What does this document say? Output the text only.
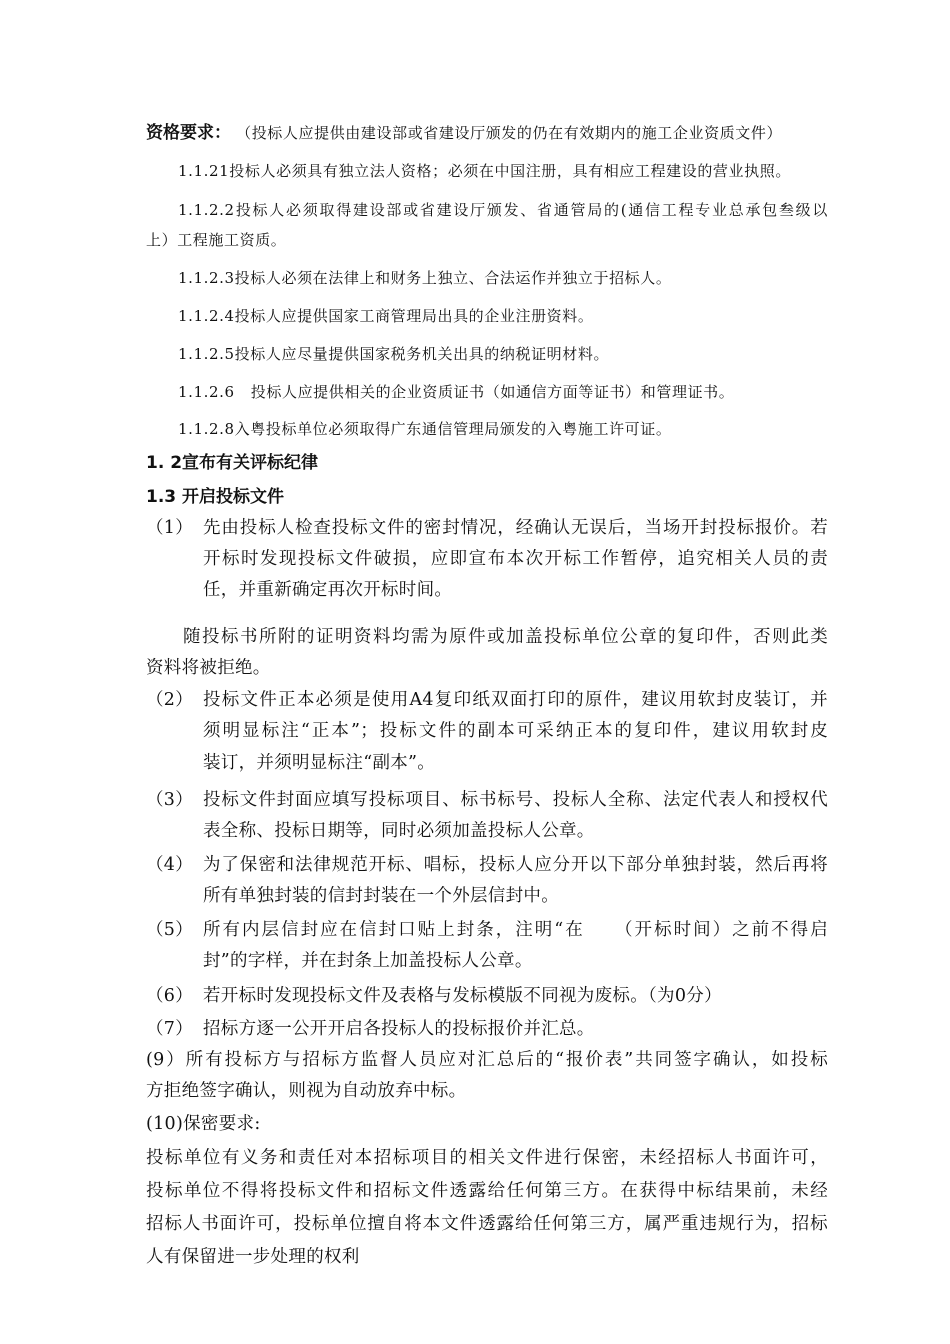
资格要求： （投标人应提供由建设部或省建设厅颁发的仍在有效期内的施工企业资质文件）
1.1.21投标人必须具有独立法人资格；必须在中国注册，具有相应工程建设的营业执照。
1.1.2.2投标人必须取得建设部或省建设厅颁发、省通管局的(通信工程专业总承包叁级以
上）工程施工资质。
1.1.2.3投标人必须在法律上和财务上独立、合法运作并独立于招标人。
1.1.2.4投标人应提供国家工商管理局出具的企业注册资料。
1.1.2.5投标人应尽量提供国家税务机关出具的纳税证明材料。
1.1.2.6   投标人应提供相关的企业资质证书（如通信方面等证书）和管理证书。
1.1.2.8入粤投标单位必须取得广东通信管理局颁发的入粤施工许可证。
1. 2宣布有关评标纪律
1.3 开启投标文件
（1） 先由投标人检查投标文件的密封情况，经确认无误后，当场开封投标报价。若
开标时发现投标文件破损，应即宣布本次开标工作暂停，追究相关人员的责
任，并重新确定再次开标时间。
随投标书所附的证明资料均需为原件或加盖投标单位公章的复印件，否则此类
资料将被拒绝。
（2） 投标文件正本必须是使用A4复印纸双面打印的原件，建议用软封皮装订，并
须明显标注“正本”；投标文件的副本可采纳正本的复印件，建议用软封皮
装订，并须明显标注“副本”。
（3） 投标文件封面应填写投标项目、标书标号、投标人全称、法定代表人和授权代
表全称、投标日期等，同时必须加盖投标人公章。
（4） 为了保密和法律规范开标、唱标，投标人应分开以下部分单独封装，然后再将
所有单独封装的信封封装在一个外层信封中。
（5） 所有内层信封应在信封口贴上封条，注明“在　　（开标时间）之前不得启
封”的字样，并在封条上加盖投标人公章。
（6） 若开标时发现投标文件及表格与发标模版不同视为废标。（为0分）
（7） 招标方逐一公开开启各投标人的投标报价并汇总。
(9）所有投标方与招标方监督人员应对汇总后的“报价表”共同签字确认，如投标
方拒绝签字确认，则视为自动放弃中标。
(10)保密要求:
投标单位有义务和责任对本招标项目的相关文件进行保密，未经招标人书面许可，
投标单位不得将投标文件和招标文件透露给任何第三方。在获得中标结果前，未经
招标人书面许可，投标单位擅自将本文件透露给任何第三方，属严重违规行为，招标
人有保留进一步处理的权利
